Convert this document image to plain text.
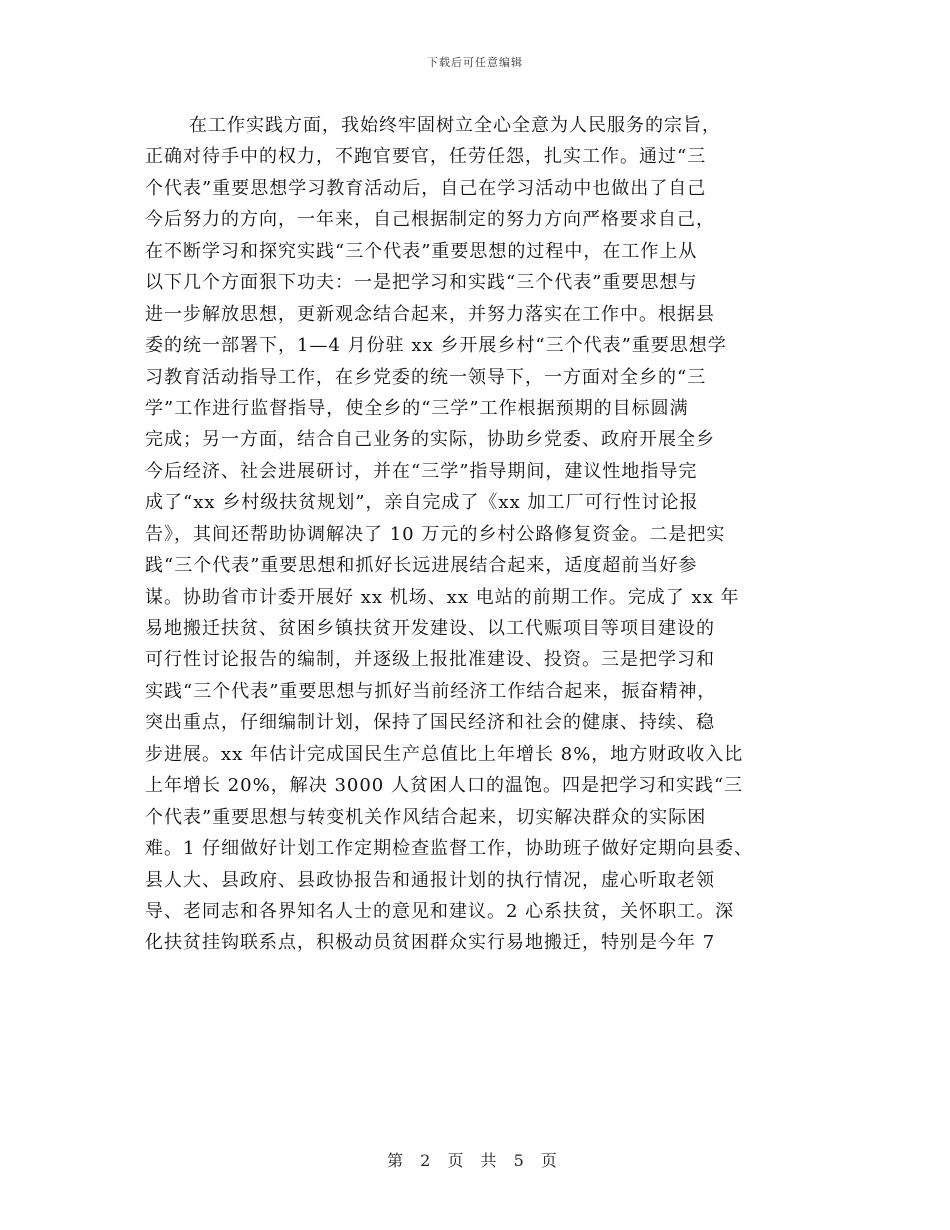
下载后可任意编辑
在工作实践方面，我始终牢固树立全心全意为人民服务的宗旨，
正确对待手中的权力，不跑官要官，任劳任怨，扎实工作。通过“三
个代表”重要思想学习教育活动后，自己在学习活动中也做出了自己
今后努力的方向，一年来，自己根据制定的努力方向严格要求自己，
在不断学习和探究实践“三个代表”重要思想的过程中，在工作上从
以下几个方面狠下功夫：一是把学习和实践“三个代表”重要思想与
进一步解放思想，更新观念结合起来，并努力落实在工作中。根据县
委的统一部署下，1—4 月份驻 xx 乡开展乡村“三个代表”重要思想学
习教育活动指导工作，在乡党委的统一领导下，一方面对全乡的“三
学”工作进行监督指导，使全乡的“三学”工作根据预期的目标圆满
完成；另一方面，结合自己业务的实际，协助乡党委、政府开展全乡
今后经济、社会进展研讨，并在“三学”指导期间，建议性地指导完
成了“xx 乡村级扶贫规划”，亲自完成了《xx 加工厂可行性讨论报
告》，其间还帮助协调解决了 10 万元的乡村公路修复资金。二是把实
践“三个代表”重要思想和抓好长远进展结合起来，适度超前当好参
谋。协助省市计委开展好 xx 机场、xx 电站的前期工作。完成了 xx 年
易地搬迁扶贫、贫困乡镇扶贫开发建设、以工代赈项目等项目建设的
可行性讨论报告的编制，并逐级上报批准建设、投资。三是把学习和
实践“三个代表”重要思想与抓好当前经济工作结合起来，振奋精神，
突出重点，仔细编制计划，保持了国民经济和社会的健康、持续、稳
步进展。xx 年估计完成国民生产总值比上年增长 8%，地方财政收入比
上年增长 20%，解决 3000 人贫困人口的温饱。四是把学习和实践“三
个代表”重要思想与转变机关作风结合起来，切实解决群众的实际困
难。1 仔细做好计划工作定期检查监督工作，协助班子做好定期向县委、
县人大、县政府、县政协报告和通报计划的执行情况，虚心听取老领
导、老同志和各界知名人士的意见和建议。2 心系扶贫，关怀职工。深
化扶贫挂钩联系点，积极动员贫困群众实行易地搬迁，特别是今年 7
第 2 页 共 5 页
